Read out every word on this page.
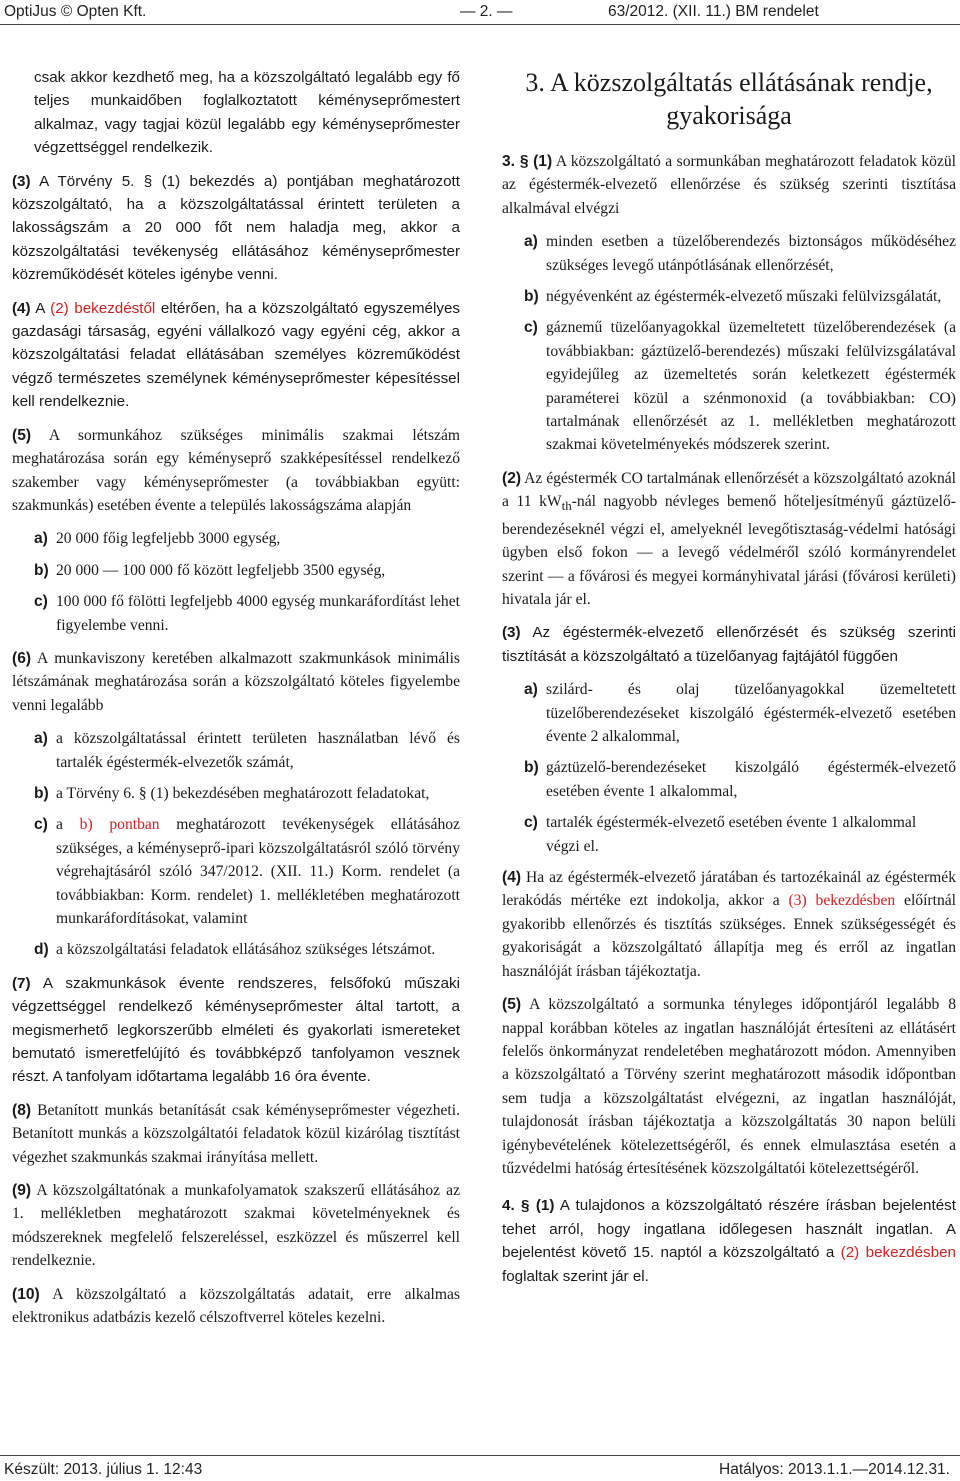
OptiJus © Opten Kft.	— 2. —	63/2012. (XII. 11.) BM rendelet

csak akkor kezdhető meg, ha a közszolgáltató legalább egy fő teljes munkaidőben foglalkoztatott kéményseprőmestert alkalmaz, vagy tagjai közül legalább egy kéményseprőmester végzettséggel rendelkezik.

(3) A Törvény 5. § (1) bekezdés a) pontjában meghatározott közszolgáltató, ha a közszolgáltatással érintett területen a lakosságszám a 20 000 főt nem haladja meg, akkor a közszolgáltatási tevékenység ellátásához kéményseprőmester közreműködését köteles igénybe venni.

(4) A (2) bekezdéstől eltérően, ha a közszolgáltató egyszemélyes gazdasági társaság, egyéni vállalkozó vagy egyéni cég, akkor a közszolgáltatási feladat ellátásában személyes közreműködést végző természetes személynek kéményseprőmester képesítéssel kell rendelkeznie.

(5) A sormunkához szükséges minimális szakmai létszám meghatározása során egy kéményseprő szakképesítéssel rendelkező szakember vagy kéményseprőmester (a továbbiakban együtt: szakmunkás) esetében évente a település lakosságszáma alapján

a) 20 000 főig legfeljebb 3000 egység,
b) 20 000 — 100 000 fő között legfeljebb 3500 egység,
c) 100 000 fő fölötti legfeljebb 4000 egység munkaráfordítást lehet figyelembe venni.

(6) A munkaviszony keretében alkalmazott szakmunkások minimális létszámának meghatározása során a közszolgáltató köteles figyelembe venni legalább

a) a közszolgáltatással érintett területen használatban lévő és tartalék égéstermék-elvezetők számát,
b) a Törvény 6. § (1) bekezdésében meghatározott feladatokat,
c) a b) pontban meghatározott tevékenységek ellátásához szükséges, a kéményseprő-ipari közszolgáltatásról szóló törvény végrehajtásáról szóló 347/2012. (XII. 11.) Korm. rendelet (a továbbiakban: Korm. rendelet) 1. mellékletében meghatározott munkaráfordításokat, valamint
d) a közszolgáltatási feladatok ellátásához szükséges létszámot.

(7) A szakmunkások évente rendszeres, felsőfokú műszaki végzettséggel rendelkező kéményseprőmester által tartott, a megismerhető legkorszerűbb elméleti és gyakorlati ismereteket bemutató ismeretfelújító és továbbképző tanfolyamon vesznek részt. A tanfolyam időtartama legalább 16 óra évente.

(8) Betanított munkás betanítását csak kéményseprőmester végezheti. Betanított munkás a közszolgáltatói feladatok közül kizárólag tisztítást végezhet szakmunkás szakmai irányítása mellett.

(9) A közszolgáltatónak a munkafolyamatok szakszerű ellátásához az 1. mellékletben meghatározott szakmai követelményeknek és módszereknek megfelelő felszereléssel, eszközzel és műszerrel kell rendelkeznie.

(10) A közszolgáltató a közszolgáltatás adatait, erre alkalmas elektronikus adatbázis kezelő célszoftverrel köteles kezelni.

3. A közszolgáltatás ellátásának rendje, gyakorisága

3. § (1) A közszolgáltató a sormunkában meghatározott feladatok közül az égéstermék-elvezető ellenőrzése és szükség szerinti tisztítása alkalmával elvégzi

a) minden esetben a tüzelőberendezés biztonságos működéséhez szükséges levegő utánpótlásának ellenőrzését,
b) négyévenként az égéstermék-elvezető műszaki felülvizsgálatát,
c) gáznemű tüzelőanyagokkal üzemeltetett tüzelőberendezések (a továbbiakban: gáztüzelő-berendezés) műszaki felülvizsgálatával egyidejűleg az üzemeltetés során keletkezett égéstermék paraméterei közül a szénmonoxid (a továbbiakban: CO) tartalmának ellenőrzését az 1. mellékletben meghatározott szakmai követelményekés módszerek szerint.

(2) Az égéstermék CO tartalmának ellenőrzését a közszolgáltató azoknál a 11 $kW_{th}$-nál nagyobb névleges bemenő hőteljesítményű gáztüzelő-berendezéseknél végzi el, amelyeknél levegőtisztaság-védelmi hatósági ügyben első fokon — a levegő védelméről szóló kormányrendelet szerint — a fővárosi és megyei kormányhivatal járási (fővárosi kerületi) hivatala jár el.

(3) Az égéstermék-elvezető ellenőrzését és szükség szerinti tisztítását a közszolgáltató a tüzelőanyag fajtájától függően

a) szilárd- és olaj tüzelőanyagokkal üzemeltetett tüzelőberendezéseket kiszolgáló égéstermék-elvezető esetében évente 2 alkalommal,
b) gáztüzelő-berendezéseket kiszolgáló égéstermék-elvezető esetében évente 1 alkalommal,
c) tartalék égéstermék-elvezető esetében évente 1 alkalommal

végzi el.

(4) Ha az égéstermék-elvezető járatában és tartozékainál az égéstermék lerakódás mértéke ezt indokolja, akkor a (3) bekezdésben előírtnál gyakoribb ellenőrzés és tisztítás szükséges. Ennek szükségességét és gyakoriságát a közszolgáltató állapítja meg és erről az ingatlan használóját írásban tájékoztatja.

(5) A közszolgáltató a sormunka tényleges időpontjáról legalább 8 nappal korábban köteles az ingatlan használóját értesíteni az ellátásért felelős önkormányzat rendeletében meghatározott módon. Amennyiben a közszolgáltató a Törvény szerint meghatározott második időpontban sem tudja a közszolgáltatást elvégezni, az ingatlan használóját, tulajdonosát írásban tájékoztatja a közszolgáltatás 30 napon belüli igénybevételének kötelezettségéről, és ennek elmulasztása esetén a tűzvédelmi hatóság értesítésének közszolgáltatói kötelezettségéről.

4. § (1) A tulajdonos a közszolgáltató részére írásban bejelentést tehet arról, hogy ingatlana időlegesen használt ingatlan. A bejelentést követő 15. naptól a közszolgáltató a (2) bekezdésben foglaltak szerint jár el.

Készült: 2013. július 1. 12:43	Hatályos: 2013.1.1.—2014.12.31.
